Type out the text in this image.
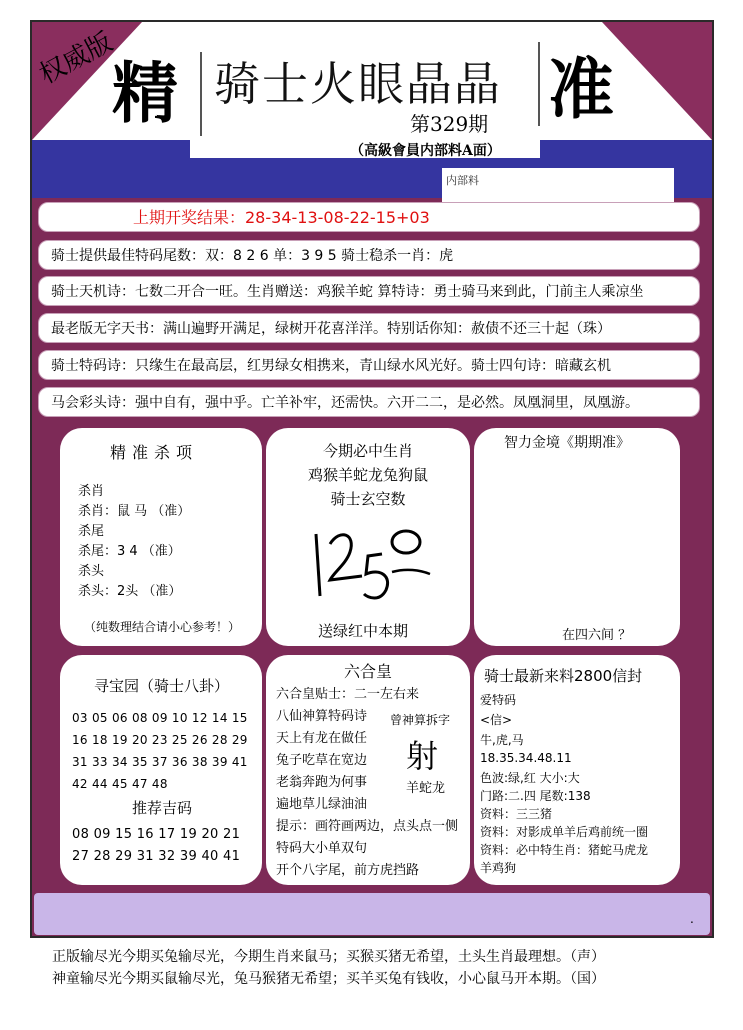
权威版
精	准
骑士火眼晶晶
第329期
（高級會員内部料A面）
内部料
上期开奖结果：28-34-13-08-22-15+03
骑士提供最佳特码尾数：双：8 2 6 单：3 9 5 骑士稳杀一肖：虎
骑士天机诗：七数二开合一旺。生肖赠送：鸡猴羊蛇 算特诗：勇士骑马来到此，门前主人乘凉坐
最老版无字天书：满山遍野开满足，绿树开花喜洋洋。特别话你知：赦债不还三十起（珠）
骑士特码诗：只缘生在最高层，红男绿女相携来，青山绿水风光好。骑士四句诗：暗藏玄机
马会彩头诗：强中自有，强中乎。亡羊补牢，还需快。六开二二，是必然。凤凰洞里，凤凰游。
精准杀项
杀肖
杀肖：鼠 马 （准）
杀尾
杀尾：3 4 （准）
杀头
杀头：2头 （准）
（纯数理结合请小心参考！）
今期必中生肖
鸡猴羊蛇龙兔狗鼠
骑士玄空数
送绿红中本期
智力金境《期期准》
在四六间 ？
寻宝园（骑士八卦）
03 05 06 08 09 10 12 14 15
16 18 19 20 23 25 26 28 29
31 33 34 35 37 36 38 39 41
42 44 45 47 48
推荐吉码
08 09 15 16 17 19 20 21
27 28 29 31 32 39 40 41
六合皇
六合皇贴士：二一左右来
八仙神算特码诗
天上有龙在做任
兔子吃草在宽边
老翁奔跑为何事
遍地草儿绿油油
提示：画符画两边，点头点一侧
特码大小单双句
开个八字尾，前方虎挡路
曾神算拆字
射
羊蛇龙
骑士最新来料2800信封
爱特码
<信>
牛,虎,马
18.35.34.48.11
色波:绿,红 大小:大
门路:二.四 尾数:138
资料：三三猪
资料：对影成单羊后鸡前统一圈
资料：必中特生肖：猪蛇马虎龙
羊鸡狗
.
正版输尽光今期买兔输尽光，今期生肖来鼠马；买猴买猪无希望，土头生肖最理想。（声）
神童输尽光今期买鼠输尽光，兔马猴猪无希望；买羊买兔有钱收，小心鼠马开本期。（国）
